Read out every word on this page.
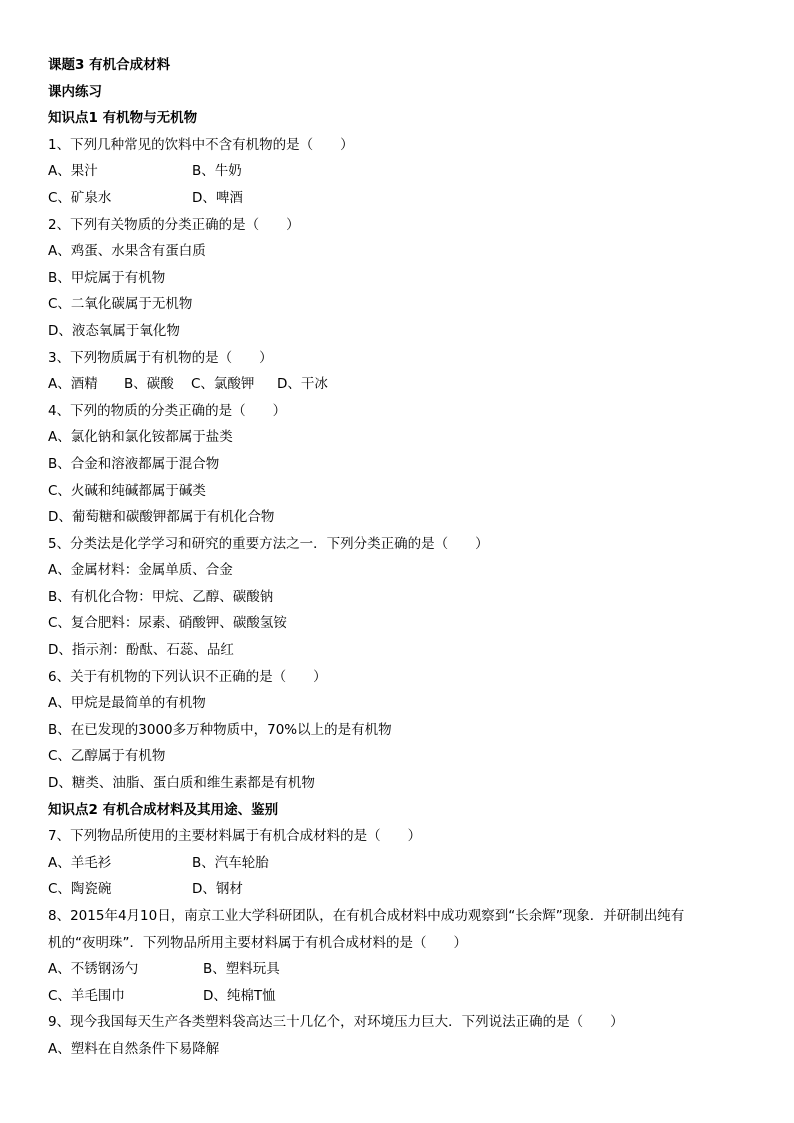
课题3 有机合成材料
课内练习
知识点1 有机物与无机物
1、下列几种常见的饮料中不含有机物的是（　　）
A、果汁	B、牛奶
C、矿泉水	D、啤酒
2、下列有关物质的分类正确的是（　　）
A、鸡蛋、水果含有蛋白质
B、甲烷属于有机物
C、二氧化碳属于无机物
D、液态氧属于氧化物
3、下列物质属于有机物的是（　　）
A、酒精 B、碳酸 C、氯酸钾 D、干冰
4、下列的物质的分类正确的是（　　）
A、氯化钠和氯化铵都属于盐类
B、合金和溶液都属于混合物
C、火碱和纯碱都属于碱类
D、葡萄糖和碳酸钾都属于有机化合物
5、分类法是化学学习和研究的重要方法之一．下列分类正确的是（　　）
A、金属材料：金属单质、合金
B、有机化合物：甲烷、乙醇、碳酸钠
C、复合肥料：尿素、硝酸钾、碳酸氢铵
D、指示剂：酚酞、石蕊、品红
6、关于有机物的下列认识不正确的是（　　）
A、甲烷是最简单的有机物
B、在已发现的3000多万种物质中，70%以上的是有机物
C、乙醇属于有机物
D、糖类、油脂、蛋白质和维生素都是有机物
知识点2 有机合成材料及其用途、鉴别
7、下列物品所使用的主要材料属于有机合成材料的是（　　）
A、羊毛衫	B、汽车轮胎
C、陶瓷碗	D、钢材
8、2015年4月10日，南京工业大学科研团队，在有机合成材料中成功观察到“长余辉”现象．并研制出纯有
机的“夜明珠”．下列物品所用主要材料属于有机合成材料的是（　　）
A、不锈钢汤勺	B、塑料玩具
C、羊毛围巾	D、纯棉T恤
9、现今我国每天生产各类塑料袋高达三十几亿个，对环境压力巨大．下列说法正确的是（　　）
A、塑料在自然条件下易降解
